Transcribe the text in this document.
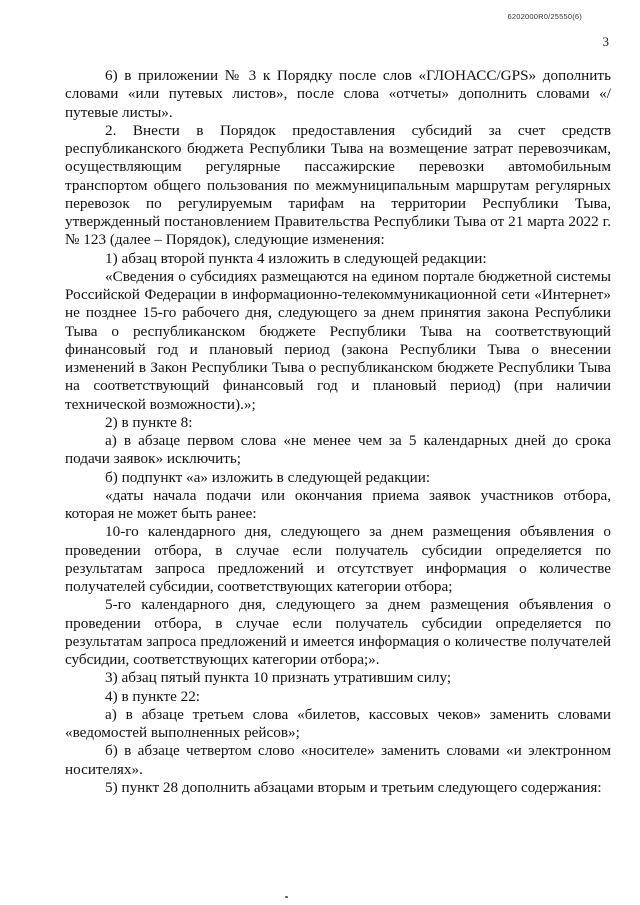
6202000R0/25550(6)
3

6) в приложении № 3 к Порядку после слов «ГЛОНАСС/GPS» дополнить словами «или путевых листов», после слова «отчеты» дополнить словами «/путевые листы».

2. Внести в Порядок предоставления субсидий за счет средств республиканского бюджета Республики Тыва на возмещение затрат перевозчикам, осуществляющим регулярные пассажирские перевозки автомобильным транспортом общего пользования по межмуниципальным маршрутам регулярных перевозок по регулируемым тарифам на территории Республики Тыва, утвержденный постановлением Правительства Республики Тыва от 21 марта 2022 г. № 123 (далее – Порядок), следующие изменения:

1) абзац второй пункта 4 изложить в следующей редакции:

«Сведения о субсидиях размещаются на едином портале бюджетной системы Российской Федерации в информационно-телекоммуникационной сети «Интернет» не позднее 15-го рабочего дня, следующего за днем принятия закона Республики Тыва о республиканском бюджете Республики Тыва на соответствующий финансовый год и плановый период (закона Республики Тыва о внесении изменений в Закон Республики Тыва о республиканском бюджете Республики Тыва на соответствующий финансовый год и плановый период) (при наличии технической возможности).»;

2) в пункте 8:

а) в абзаце первом слова «не менее чем за 5 календарных дней до срока подачи заявок» исключить;

б) подпункт «а» изложить в следующей редакции:

«даты начала подачи или окончания приема заявок участников отбора, которая не может быть ранее:

10-го календарного дня, следующего за днем размещения объявления о проведении отбора, в случае если получатель субсидии определяется по результатам запроса предложений и отсутствует информация о количестве получателей субсидии, соответствующих категории отбора;

5-го календарного дня, следующего за днем размещения объявления о проведении отбора, в случае если получатель субсидии определяется по результатам запроса предложений и имеется информация о количестве получателей субсидии, соответствующих категории отбора;».

3) абзац пятый пункта 10 признать утратившим силу;

4) в пункте 22:

а) в абзаце третьем слова «билетов, кассовых чеков» заменить словами «ведомостей выполненных рейсов»;

б) в абзаце четвертом слово «носителе» заменить словами «и электронном носителях».

5) пункт 28 дополнить абзацами вторым и третьим следующего содержания:
